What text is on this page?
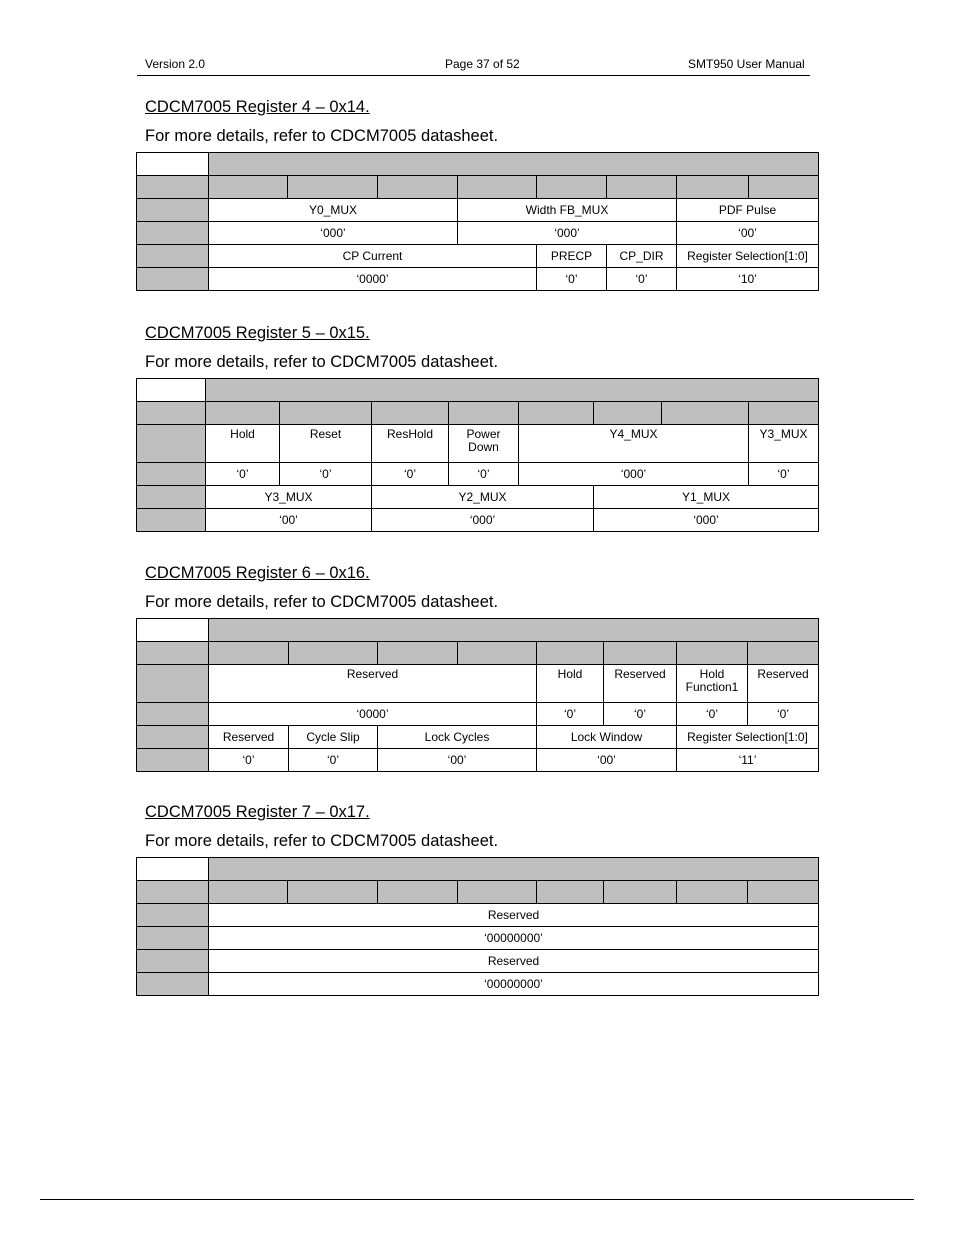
Version 2.0	Page 37 of 52	SMT950 User Manual
CDCM7005 Register 4 – 0x14.
For more details, refer to CDCM7005 datasheet.

	Y0_MUX			Width FB_MUX			PDF Pulse	
	‘000’			‘000’			‘00’	
	CP Current				PRECP	CP_DIR	Register Selection[1:0]	
	‘0000’				‘0’	‘0’	‘10’	
CDCM7005 Register 5 – 0x15.
For more details, refer to CDCM7005 datasheet.

	Hold	Reset	ResHold	Power Down	Y4_MUX			Y3_MUX
	‘0’	‘0’	‘0’	‘0’	‘000’			‘0’
	Y3_MUX		Y2_MUX			Y1_MUX		
	‘00’		‘000’			‘000’		
CDCM7005 Register 6 – 0x16.
For more details, refer to CDCM7005 datasheet.

	Reserved				Hold	Reserved	Hold Function1	Reserved
	‘0000’				‘0’	‘0’	‘0’	‘0’
	Reserved	Cycle Slip	Lock Cycles		Lock Window		Register Selection[1:0]	
	‘0’	‘0’	‘00’		‘00’		‘11’	
CDCM7005 Register 7 – 0x17.
For more details, refer to CDCM7005 datasheet.

	Reserved							
	‘00000000’							
	Reserved							
	‘00000000’							
